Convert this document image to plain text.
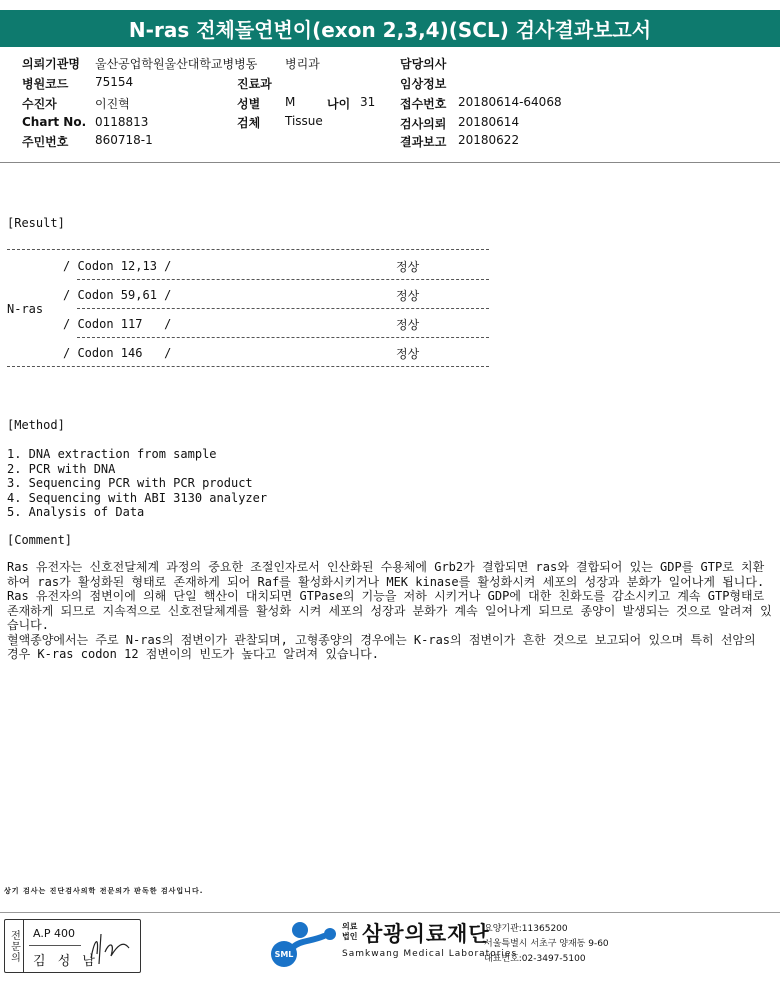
N-ras 전체돌연변이(exon 2,3,4)(SCL) 검사결과보고서
의뢰기관명 울산공업학원울산대학교병병동 병리과	담당의사
병원코드 75154	진료과	임상정보
수진자	이진혁	성별 M	나이 31 접수번호 20180614-64068
Chart No. 0118813	검체 Tissue	검사의뢰 20180614
주민번호 860718-1	결과보고 20180622
[Result]
/ Codon 12,13 /	정상
N-ras
/ Codon 59,61 /	정상
/ Codon 117   /	정상
/ Codon 146   /	정상
[Method]
1. DNA extraction from sample
2. PCR with DNA
3. Sequencing PCR with PCR product
4. Sequencing with ABI 3130 analyzer
5. Analysis of Data
[Comment]

Ras 유전자는 신호전달체계 과정의 중요한 조절인자로서 인산화된 수용체에 Grb2가 결합되면 ras와 결합되어 있는 GDP를 GTP로 치환하여 ras가 활성화된 형태로 존재하게 되어 Raf를 활성화시키거나 MEK kinase를 활성화시켜 세포의 성장과 분화가 일어나게 됩니다.

Ras 유전자의 점변이에 의해 단일 핵산이 대치되면 GTPase의 기능을 저하 시키거나 GDP에 대한 친화도를 감소시키고 계속 GTP형태로 존재하게 되므로 지속적으로 신호전달체계를 활성화 시켜 세포의 성장과 분화가 계속 일어나게 되므로 종양이 발생되는 것으로 알려져 있습니다.

혈액종양에서는 주로 N-ras의 점변이가 관찰되며, 고형종양의 경우에는 K-ras의 점변이가 흔한 것으로 보고되어 있으며 특히 선암의 경우 K-ras codon 12 점변이의 빈도가 높다고 알려져 있습니다.

상기 검사는 진단검사의학 전문의가 판독한 검사입니다.
전문의	A.P 400
김 성 남	SML
의료 법인 삼광의료재단
Samkwang Medical Laboratories
요양기관:11365200
서울특별시 서초구 양재동 9-60
대표번호:02-3497-5100
